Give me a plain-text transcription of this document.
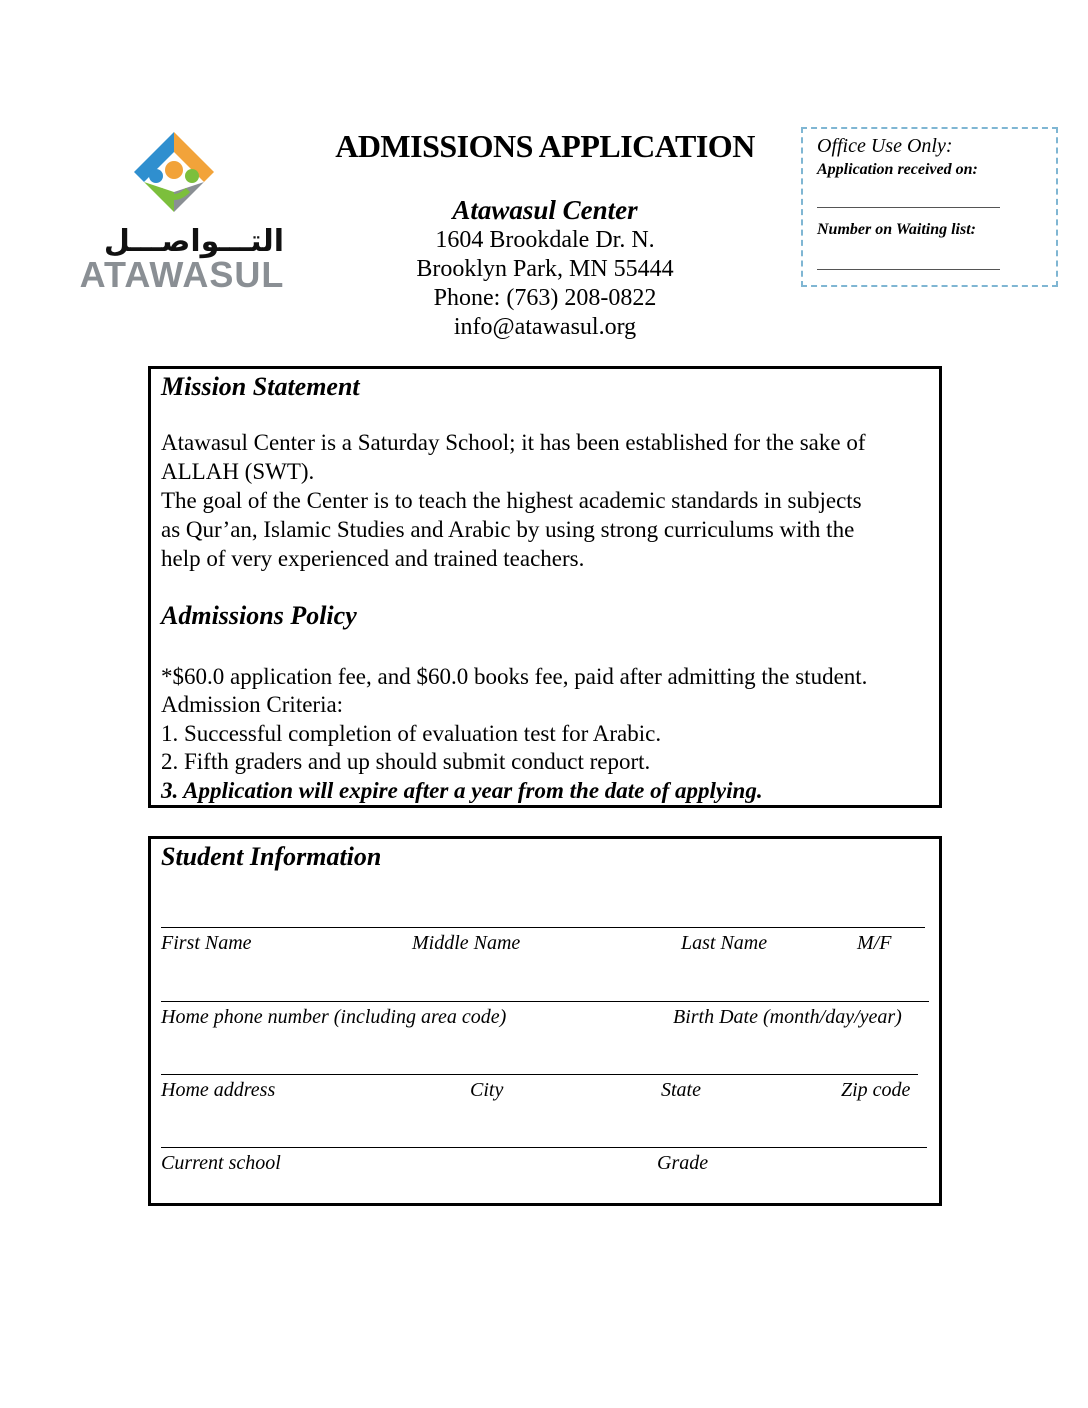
التـــواصـــل
ATAWASUL
ADMISSIONS APPLICATION
Atawasul Center
1604 Brookdale Dr. N.
Brooklyn Park, MN 55444
Phone: (763) 208-0822
info@atawasul.org
Office Use Only:
Application received on:
Number on Waiting list:
Mission Statement
Atawasul Center is a Saturday School; it has been established for the sake of
ALLAH (SWT).
The goal of the Center is to teach the highest academic standards in subjects
as Qur’an, Islamic Studies and Arabic by using strong curriculums with the
help of very experienced and trained teachers.
Admissions Policy
*$60.0 application fee, and $60.0 books fee, paid after admitting the student.
Admission Criteria:
1. Successful completion of evaluation test for Arabic.
2. Fifth graders and up should submit conduct report.
3. Application will expire after a year from the date of applying.
Student Information
First Name	Middle Name	Last Name	M/F
Home phone number (including area code)	Birth Date (month/day/year)
Home address	City	State	Zip code
Current school	Grade
